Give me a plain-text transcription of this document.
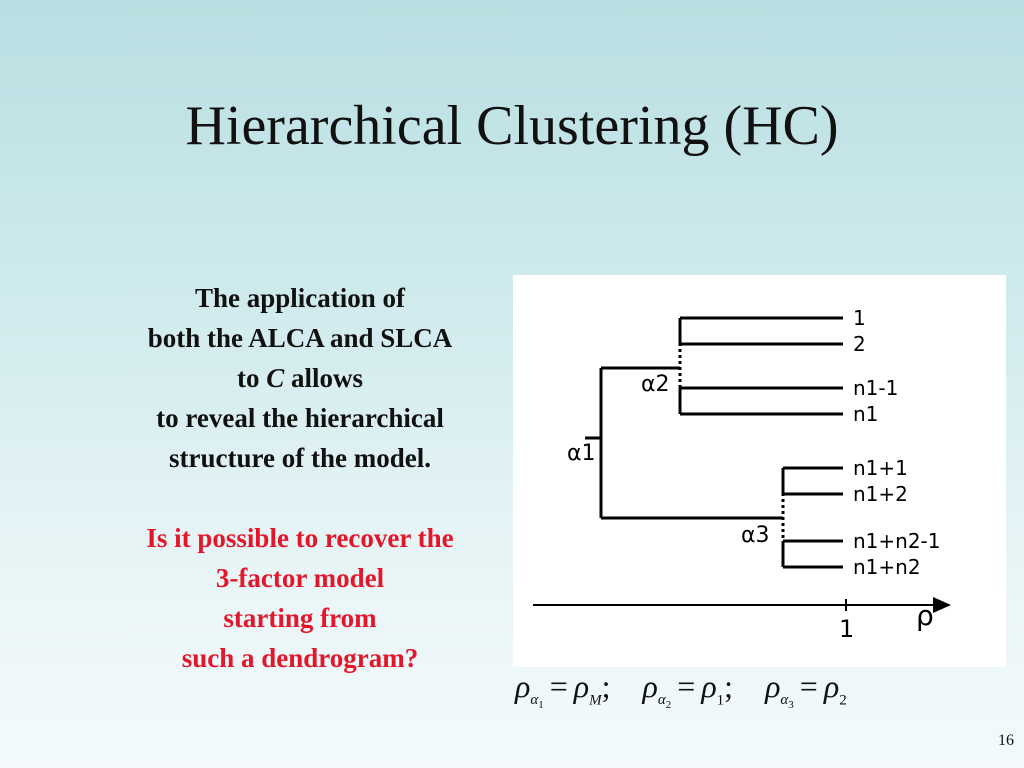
Hierarchical Clustering (HC)

The application of

both the ALCA and SLCA

to C allows

to reveal the hierarchical

structure of the model.

Is it possible to recover the

3-factor model

starting from

such a dendrogram?

1 ρ
1
2
n1-1
n1
n1+1
n1+2
n1+n2-1
n1+n2
α1
α2
α3
$\rho_{\alpha_1}= \rho_M$; $\rho_{\alpha_2}= \rho_1$; $\rho_{\alpha_3}= \rho_2$
16
